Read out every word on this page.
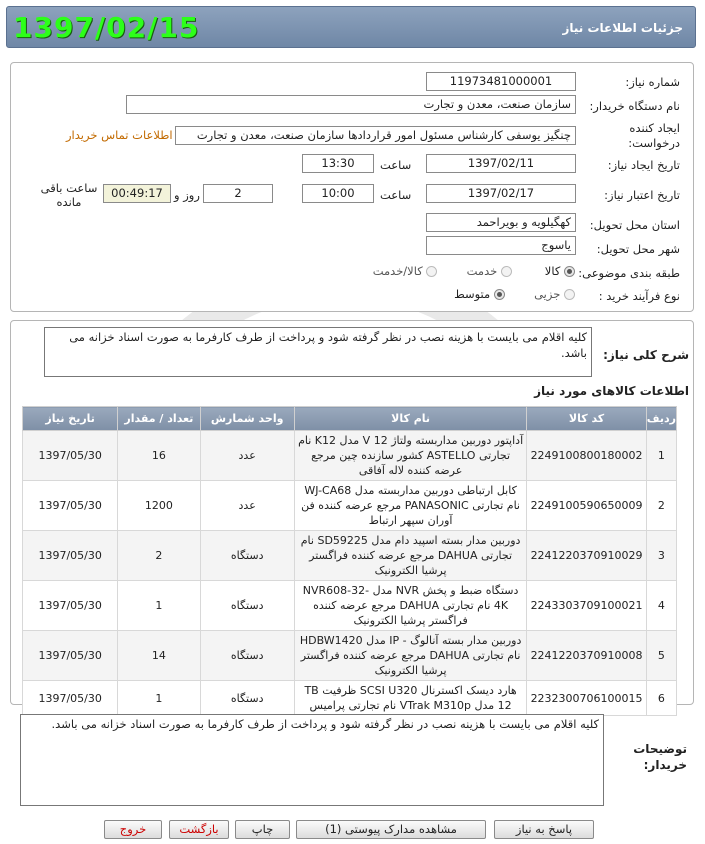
جزئیات اطلاعات نیاز
1397/02/15
شماره نیاز:
1197348100000‌1
نام دستگاه خریدار:
سازمان صنعت، معدن و تجارت
ایجاد کننده
درخواست:
چنگیز یوسفی کارشناس مسئول امور قراردادها سازمان صنعت، معدن و تجارت
اطلاعات تماس خریدار
تاریخ ایجاد نیاز:
1397/02/11
ساعت
13:30
تاریخ اعتبار نیاز:
1397/02/17
ساعت
10:00
2
روز و
00:49:17
ساعت باقی
مانده
استان محل تحویل:
کهگیلویه و بویراحمد
شهر محل تحویل:
یاسوج
طبقه بندی موضوعی:
کالا          خدمت         کالا/خدمت
نوع فرآیند خرید :
جزیی         متوسط
شرح کلی نیاز:
کلیه اقلام می بایست با هزینه نصب در نظر گرفته شود و پرداخت از طرف کارفرما به صورت اسناد خزانه می باشد.
اطلاعات کالاهای مورد نیاز
ردیف	کد کالا	نام کالا	واحد شمارش	تعداد / مقدار	تاریخ نیاز
1	2249100800180002	آداپتور دوربین مداربسته ولتاژ V 12 مدل K12 نام تجارتی ASTELLO کشور سازنده چین مرجع عرضه کننده لاله آفاقی	عدد	16	1397/05/30
2	2249100590650009	کابل ارتباطی دوربین مداربسته مدل WJ-CA68 نام تجارتی PANASONIC مرجع عرضه کننده فن آوران سپهر ارتباط	عدد	1200	1397/05/30
3	2241220370910029	دوربین مدار بسته اسپید دام مدل SD59225 نام تجارتی DAHUA مرجع عرضه کننده فراگستر پرشیا الکترونیک	دستگاه	2	1397/05/30
4	2243303709100021	دستگاه ضبط و پخش NVR مدل NVR608-32-4K نام تجارتی DAHUA مرجع عرضه کننده فراگستر پرشیا الکترونیک	دستگاه	1	1397/05/30
5	2241220370910008	دوربین مدار بسته آنالوگ - IP مدل HDBW1420 نام تجارتی DAHUA مرجع عرضه کننده فراگستر پرشیا الکترونیک	دستگاه	14	1397/05/30
6	2232300706100015	هارد دیسک اکسترنال SCSI U320 ظرفیت TB 12 مدل VTrak M310p نام تجارتی پرامیس	دستگاه	1	1397/05/30
کلیه اقلام می بایست با هزینه نصب در نظر گرفته شود و پرداخت از طرف کارفرما به صورت اسناد خزانه می باشد.
توضیحات
خریدار:
پاسخ به نیاز
مشاهده مدارک پیوستی (1)
چاپ
بازگشت
خروج
